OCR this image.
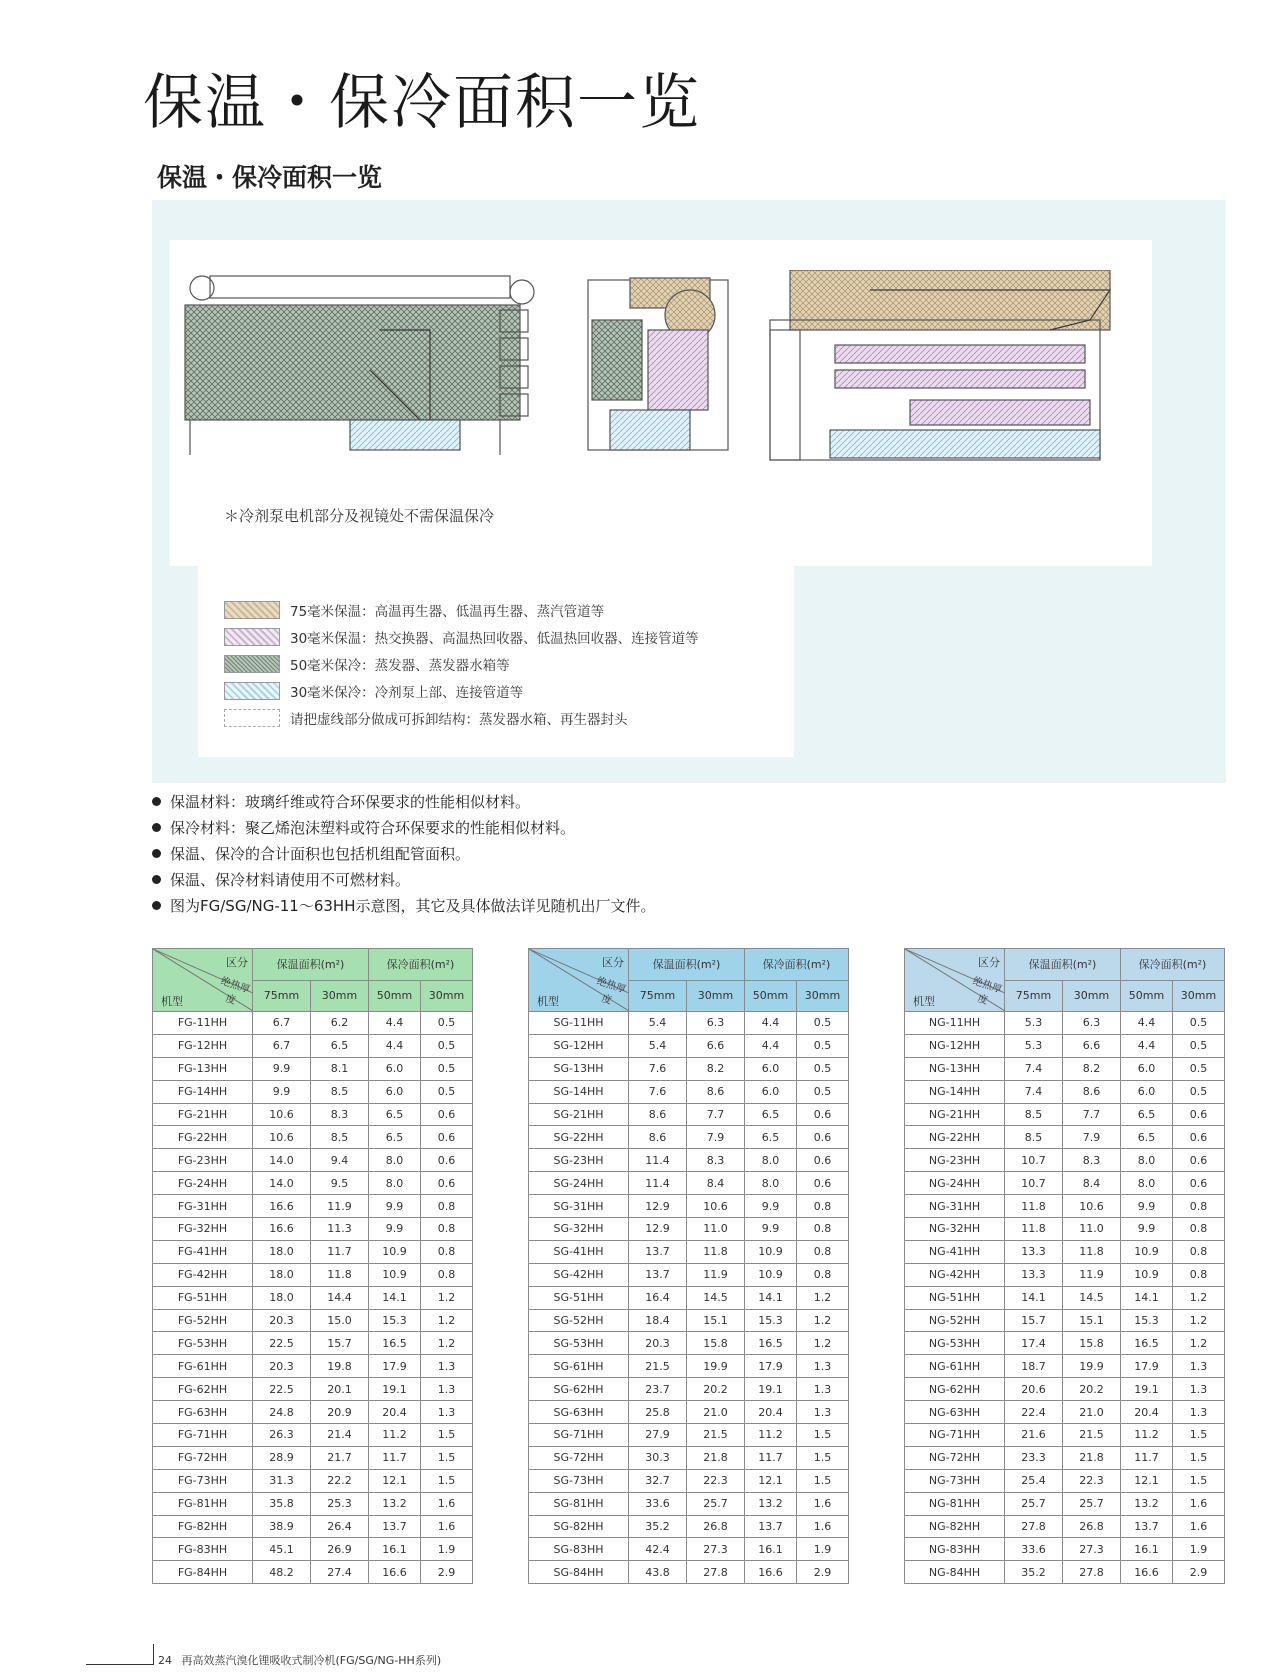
保温・保冷面积一览
保温・保冷面积一览
＊冷剂泵电机部分及视镜处不需保温保冷
75毫米保温：高温再生器、低温再生器、蒸汽管道等
30毫米保温：热交换器、高温热回收器、低温热回收器、连接管道等
50毫米保冷：蒸发器、蒸发器水箱等
30毫米保冷：冷剂泵上部、连接管道等
请把虚线部分做成可拆卸结构：蒸发器水箱、再生器封头
保温材料：玻璃纤维或符合环保要求的性能相似材料。
保冷材料：聚乙烯泡沫塑料或符合环保要求的性能相似材料。
保温、保冷的合计面积也包括机组配管面积。
保温、保冷材料请使用不可燃材料。
图为FG/SG/NG-11～63HH示意图，其它及具体做法详见随机出厂文件。
区分
绝热厚度
机型	保温面积(m²)		保冷面积(m²)	
	75mm	30mm	50mm	30mm
FG-11HH	6.7	6.2	4.4	0.5
FG-12HH	6.7	6.5	4.4	0.5
FG-13HH	9.9	8.1	6.0	0.5
FG-14HH	9.9	8.5	6.0	0.5
FG-21HH	10.6	8.3	6.5	0.6
FG-22HH	10.6	8.5	6.5	0.6
FG-23HH	14.0	9.4	8.0	0.6
FG-24HH	14.0	9.5	8.0	0.6
FG-31HH	16.6	11.9	9.9	0.8
FG-32HH	16.6	11.3	9.9	0.8
FG-41HH	18.0	11.7	10.9	0.8
FG-42HH	18.0	11.8	10.9	0.8
FG-51HH	18.0	14.4	14.1	1.2
FG-52HH	20.3	15.0	15.3	1.2
FG-53HH	22.5	15.7	16.5	1.2
FG-61HH	20.3	19.8	17.9	1.3
FG-62HH	22.5	20.1	19.1	1.3
FG-63HH	24.8	20.9	20.4	1.3
FG-71HH	26.3	21.4	11.2	1.5
FG-72HH	28.9	21.7	11.7	1.5
FG-73HH	31.3	22.2	12.1	1.5
FG-81HH	35.8	25.3	13.2	1.6
FG-82HH	38.9	26.4	13.7	1.6
FG-83HH	45.1	26.9	16.1	1.9
FG-84HH	48.2	27.4	16.6	2.9
区分
绝热厚度
机型	保温面积(m²)		保冷面积(m²)	
	75mm	30mm	50mm	30mm
SG-11HH	5.4	6.3	4.4	0.5
SG-12HH	5.4	6.6	4.4	0.5
SG-13HH	7.6	8.2	6.0	0.5
SG-14HH	7.6	8.6	6.0	0.5
SG-21HH	8.6	7.7	6.5	0.6
SG-22HH	8.6	7.9	6.5	0.6
SG-23HH	11.4	8.3	8.0	0.6
SG-24HH	11.4	8.4	8.0	0.6
SG-31HH	12.9	10.6	9.9	0.8
SG-32HH	12.9	11.0	9.9	0.8
SG-41HH	13.7	11.8	10.9	0.8
SG-42HH	13.7	11.9	10.9	0.8
SG-51HH	16.4	14.5	14.1	1.2
SG-52HH	18.4	15.1	15.3	1.2
SG-53HH	20.3	15.8	16.5	1.2
SG-61HH	21.5	19.9	17.9	1.3
SG-62HH	23.7	20.2	19.1	1.3
SG-63HH	25.8	21.0	20.4	1.3
SG-71HH	27.9	21.5	11.2	1.5
SG-72HH	30.3	21.8	11.7	1.5
SG-73HH	32.7	22.3	12.1	1.5
SG-81HH	33.6	25.7	13.2	1.6
SG-82HH	35.2	26.8	13.7	1.6
SG-83HH	42.4	27.3	16.1	1.9
SG-84HH	43.8	27.8	16.6	2.9
区分
绝热厚度
机型	保温面积(m²)		保冷面积(m²)	
	75mm	30mm	50mm	30mm
NG-11HH	5.3	6.3	4.4	0.5
NG-12HH	5.3	6.6	4.4	0.5
NG-13HH	7.4	8.2	6.0	0.5
NG-14HH	7.4	8.6	6.0	0.5
NG-21HH	8.5	7.7	6.5	0.6
NG-22HH	8.5	7.9	6.5	0.6
NG-23HH	10.7	8.3	8.0	0.6
NG-24HH	10.7	8.4	8.0	0.6
NG-31HH	11.8	10.6	9.9	0.8
NG-32HH	11.8	11.0	9.9	0.8
NG-41HH	13.3	11.8	10.9	0.8
NG-42HH	13.3	11.9	10.9	0.8
NG-51HH	14.1	14.5	14.1	1.2
NG-52HH	15.7	15.1	15.3	1.2
NG-53HH	17.4	15.8	16.5	1.2
NG-61HH	18.7	19.9	17.9	1.3
NG-62HH	20.6	20.2	19.1	1.3
NG-63HH	22.4	21.0	20.4	1.3
NG-71HH	21.6	21.5	11.2	1.5
NG-72HH	23.3	21.8	11.7	1.5
NG-73HH	25.4	22.3	12.1	1.5
NG-81HH	25.7	25.7	13.2	1.6
NG-82HH	27.8	26.8	13.7	1.6
NG-83HH	33.6	27.3	16.1	1.9
NG-84HH	35.2	27.8	16.6	2.9
24 再高效蒸汽溴化锂吸收式制冷机(FG/SG/NG-HH系列)
